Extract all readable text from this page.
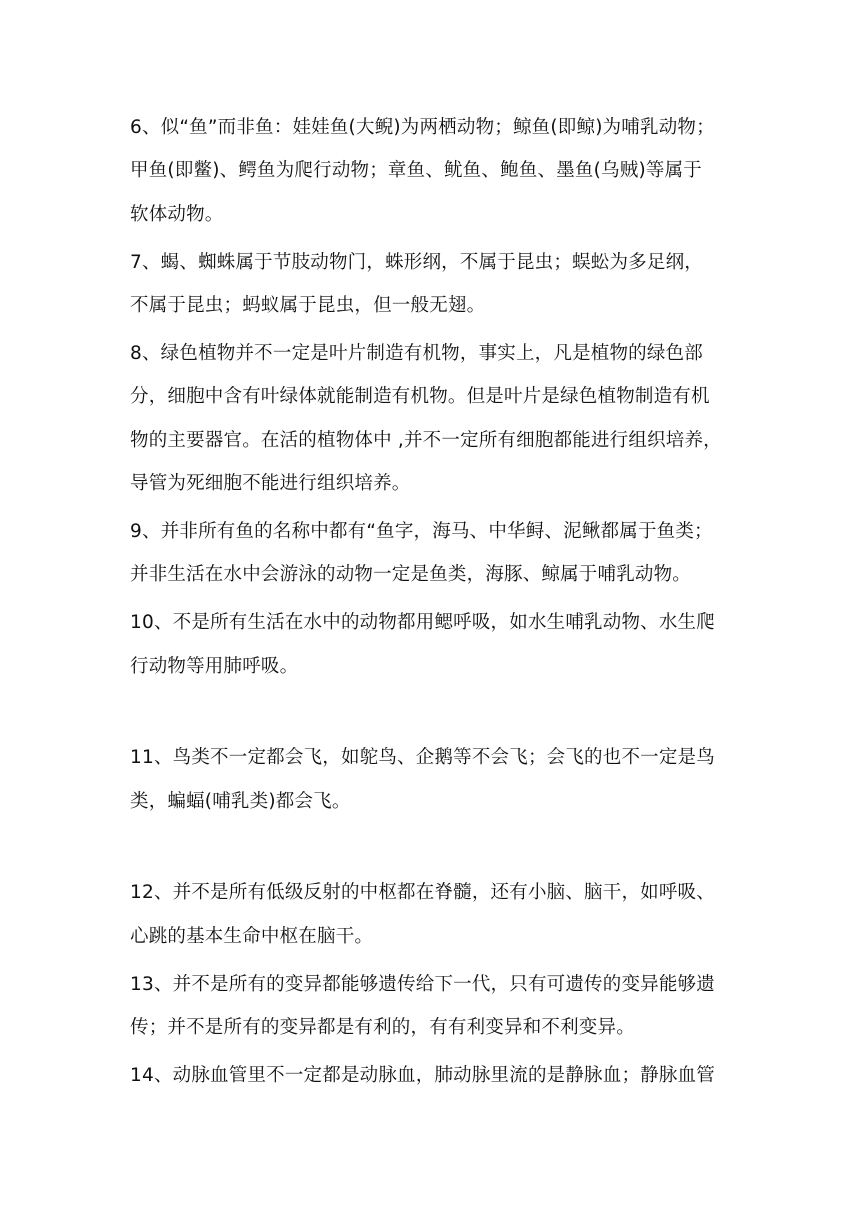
6、似“鱼”而非鱼：娃娃鱼(大鲵)为两栖动物；鲸鱼(即鲸)为哺乳动物；
甲鱼(即鳖)、鳄鱼为爬行动物；章鱼、鱿鱼、鲍鱼、墨鱼(乌贼)等属于
软体动物。
7、蝎、蜘蛛属于节肢动物门，蛛形纲，不属于昆虫；蜈蚣为多足纲，
不属于昆虫；蚂蚁属于昆虫，但一般无翅。
8、绿色植物并不一定是叶片制造有机物，事实上，凡是植物的绿色部
分，细胞中含有叶绿体就能制造有机物。但是叶片是绿色植物制造有机
物的主要器官。在活的植物体中 ,并不一定所有细胞都能进行组织培养，
导管为死细胞不能进行组织培养。
9、并非所有鱼的名称中都有“鱼字，海马、中华鲟、泥鳅都属于鱼类；
并非生活在水中会游泳的动物一定是鱼类，海豚、鲸属于哺乳动物。
10、不是所有生活在水中的动物都用鳃呼吸，如水生哺乳动物、水生爬
行动物等用肺呼吸。
11、鸟类不一定都会飞，如鸵鸟、企鹅等不会飞；会飞的也不一定是鸟
类，蝙蝠(哺乳类)都会飞。
12、并不是所有低级反射的中枢都在脊髓，还有小脑、脑干，如呼吸、
心跳的基本生命中枢在脑干。
13、并不是所有的变异都能够遗传给下一代，只有可遗传的变异能够遗
传；并不是所有的变异都是有利的，有有利变异和不利变异。
14、动脉血管里不一定都是动脉血，肺动脉里流的是静脉血；静脉血管
